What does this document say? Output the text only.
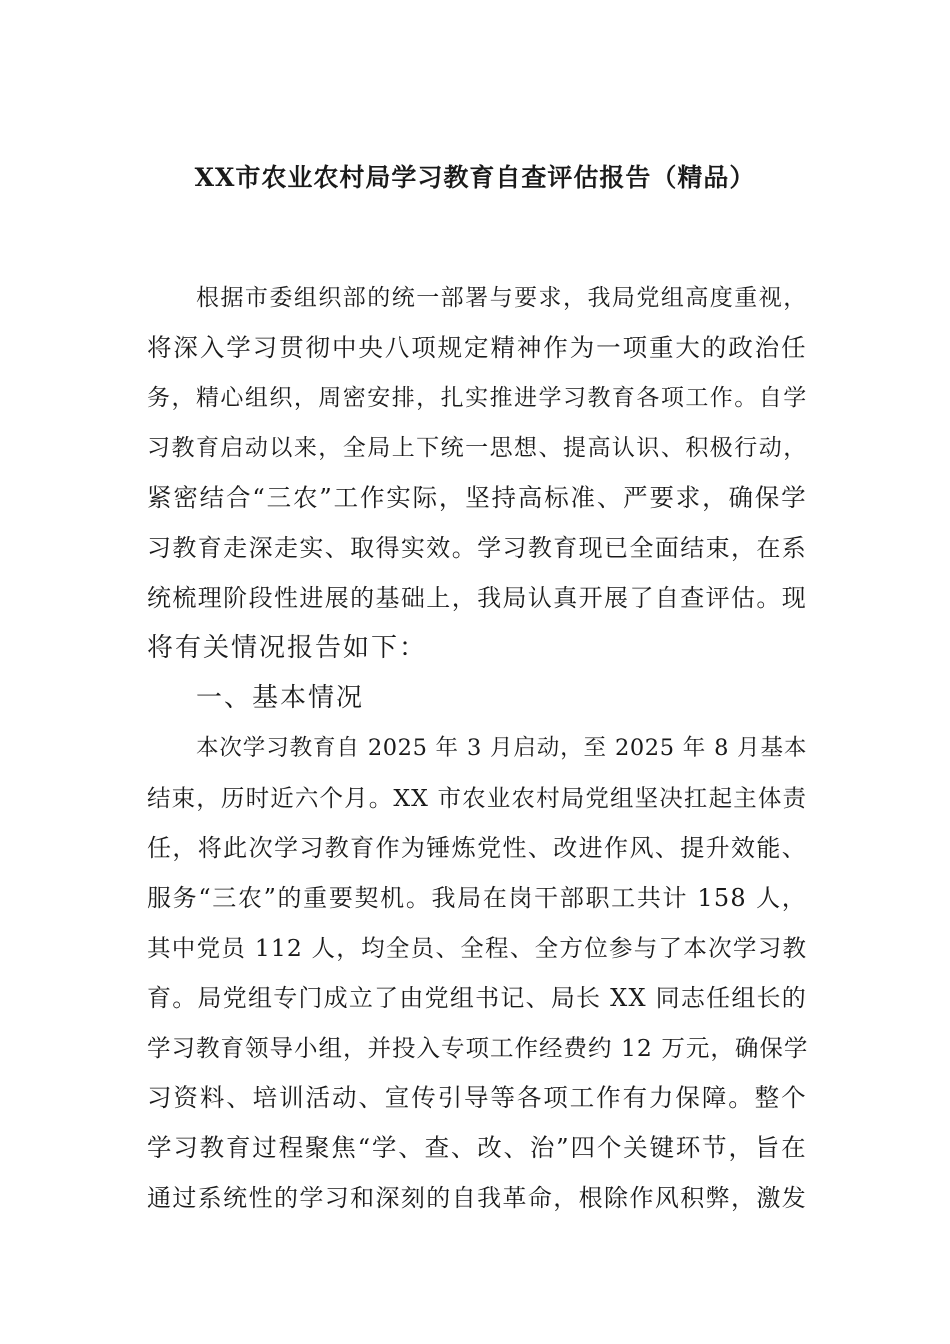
XX市农业农村局学习教育自查评估报告（精品）
根据市委组织部的统一部署与要求，我局党组高度重视，
将深入学习贯彻中央八项规定精神作为一项重大的政治任
务，精心组织，周密安排，扎实推进学习教育各项工作。自学
习教育启动以来，全局上下统一思想、提高认识、积极行动，
紧密结合“三农”工作实际，坚持高标准、严要求，确保学
习教育走深走实、取得实效。学习教育现已全面结束，在系
统梳理阶段性进展的基础上，我局认真开展了自查评估。现
将有关情况报告如下：
一、基本情况
本次学习教育自 2025 年 3 月启动，至 2025 年 8 月基本
结束，历时近六个月。XX 市农业农村局党组坚决扛起主体责
任，将此次学习教育作为锤炼党性、改进作风、提升效能、
服务“三农”的重要契机。我局在岗干部职工共计 158 人，
其中党员 112 人，均全员、全程、全方位参与了本次学习教
育。局党组专门成立了由党组书记、局长 XX 同志任组长的
学习教育领导小组，并投入专项工作经费约 12 万元，确保学
习资料、培训活动、宣传引导等各项工作有力保障。整个
学习教育过程聚焦“学、查、改、治”四个关键环节，旨在
通过系统性的学习和深刻的自我革命，根除作风积弊，激发
